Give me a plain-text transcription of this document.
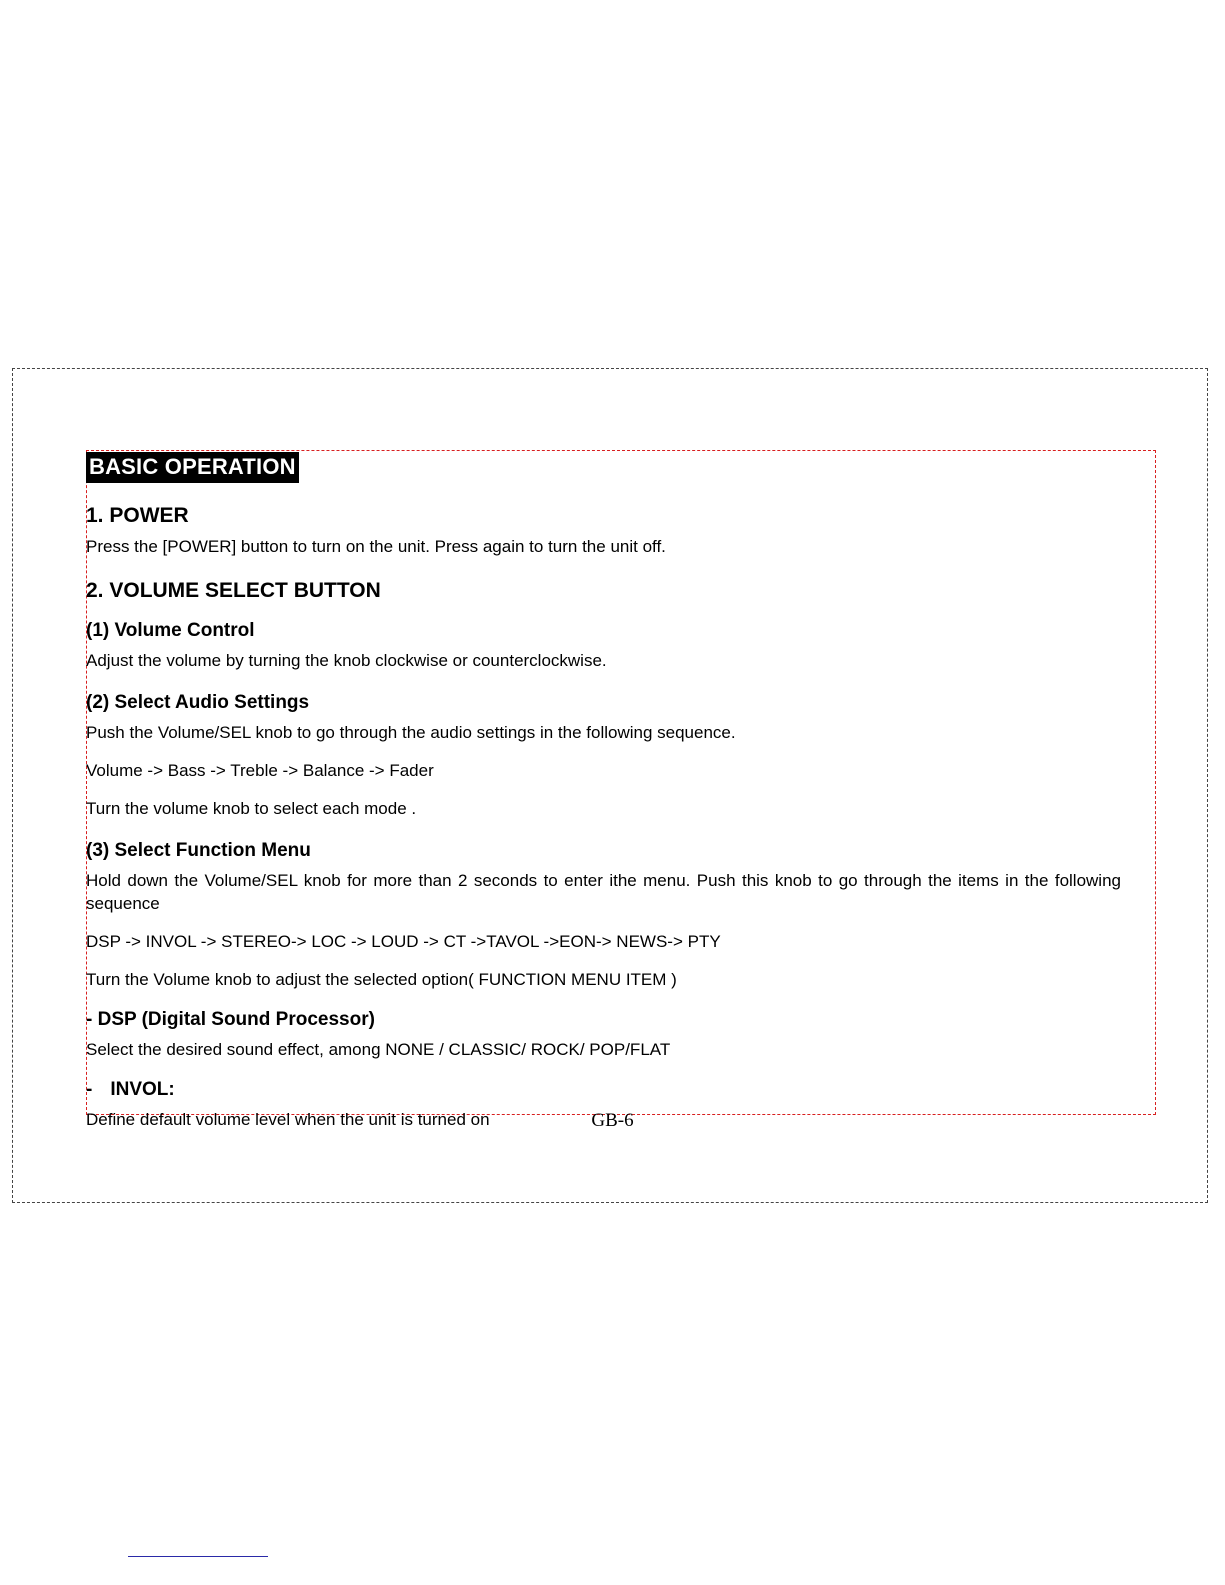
BASIC OPERATION
1. POWER

Press the [POWER] button to turn on the unit. Press again to turn the unit off.

2. VOLUME SELECT BUTTON
(1) Volume Control

Adjust the volume by turning the knob clockwise or counterclockwise.

(2) Select Audio Settings

Push the Volume/SEL knob to go through the audio settings in the following sequence.

Volume -> Bass -> Treble -> Balance -> Fader

Turn the volume knob to select each mode .

(3) Select Function Menu

Hold down the Volume/SEL knob for more than 2 seconds to enter ithe menu. Push this knob to go through the items in the following sequence

DSP -> INVOL -> STEREO-> LOC -> LOUD -> CT ->TAVOL ->EON-> NEWS-> PTY

Turn the Volume knob to adjust the selected option( FUNCTION MENU ITEM )

- DSP (Digital Sound Processor)

Select the desired sound effect, among NONE / CLASSIC/ ROCK/ POP/FLAT

- INVOL:

Define default volume level when the unit is turned on	GB-6
